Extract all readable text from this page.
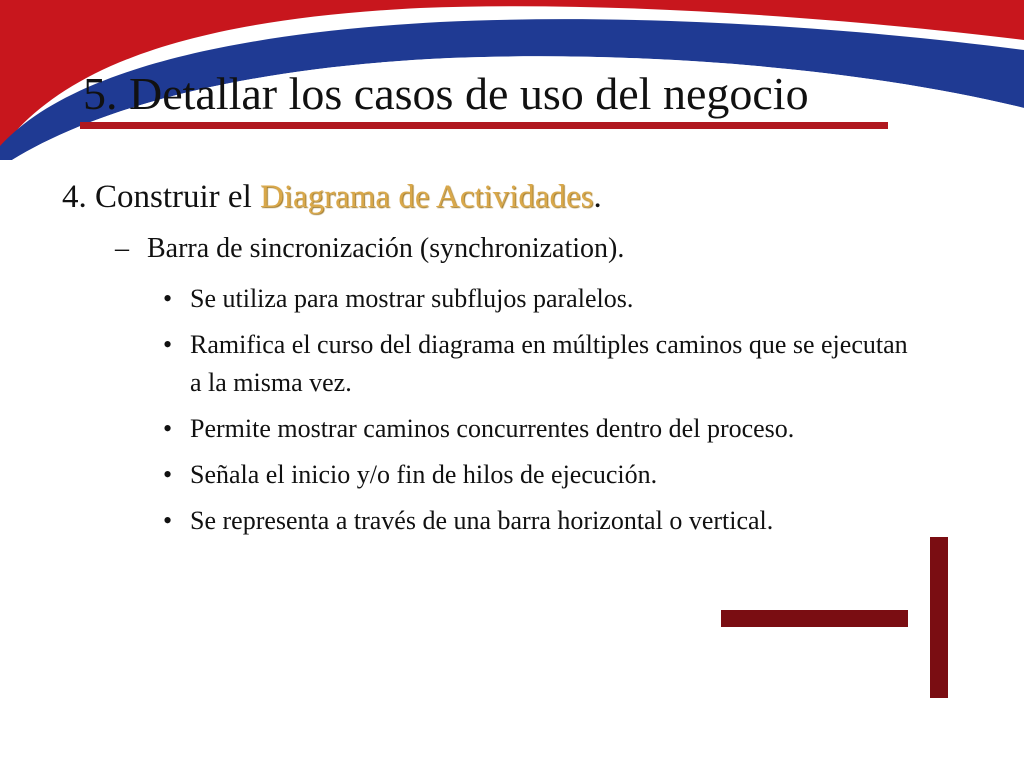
5. Detallar los casos de uso del negocio
4. Construir el Diagrama de Actividades.
– Barra de sincronización (synchronization).
• Se utiliza para mostrar subflujos paralelos.
• Ramifica el curso del diagrama en múltiples caminos que se ejecutan a la misma vez.
• Permite mostrar caminos concurrentes dentro del proceso.
• Señala el inicio y/o fin de hilos de ejecución.
• Se representa a través de una barra horizontal o vertical.
